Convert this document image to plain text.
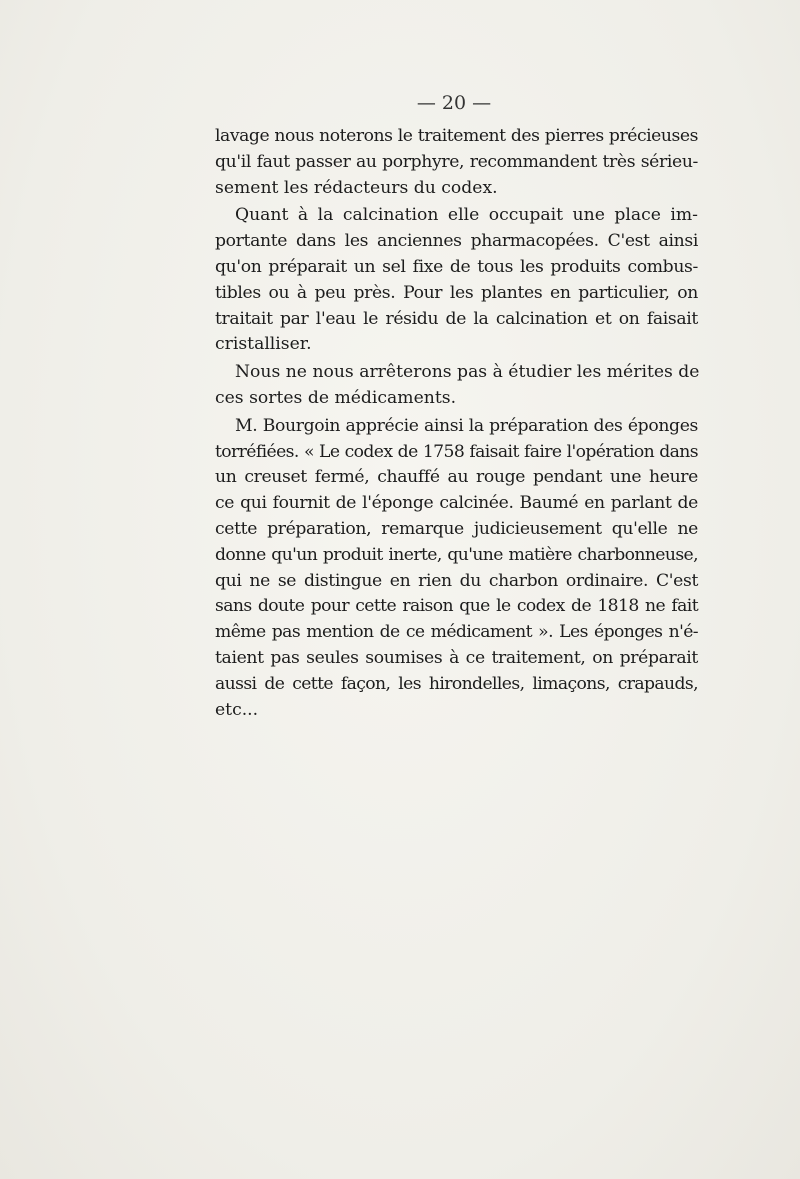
— 20 —
lavage nous noterons le traitement des pierres précieuses
qu'il faut passer au porphyre, recommandent très sérieu-
sement les rédacteurs du codex.
Quant à la calcination elle occupait une place im-
portante dans les anciennes pharmacopées. C'est ainsi
qu'on préparait un sel fixe de tous les produits combus-
tibles ou à peu près. Pour les plantes en particulier, on
traitait par l'eau le résidu de la calcination et on faisait
cristalliser.
Nous ne nous arrêterons pas à étudier les mérites de
ces sortes de médicaments.
M. Bourgoin apprécie ainsi la préparation des éponges
torréfiées. « Le codex de 1758 faisait faire l'opération dans
un creuset fermé, chauffé au rouge pendant une heure
ce qui fournit de l'éponge calcinée. Baumé en parlant de
cette préparation, remarque judicieusement qu'elle ne
donne qu'un produit inerte, qu'une matière charbonneuse,
qui ne se distingue en rien du charbon ordinaire. C'est
sans doute pour cette raison que le codex de 1818 ne fait
même pas mention de ce médicament ». Les éponges n'é-
taient pas seules soumises à ce traitement, on préparait
aussi de cette façon, les hirondelles, limaçons, crapauds,
etc...
